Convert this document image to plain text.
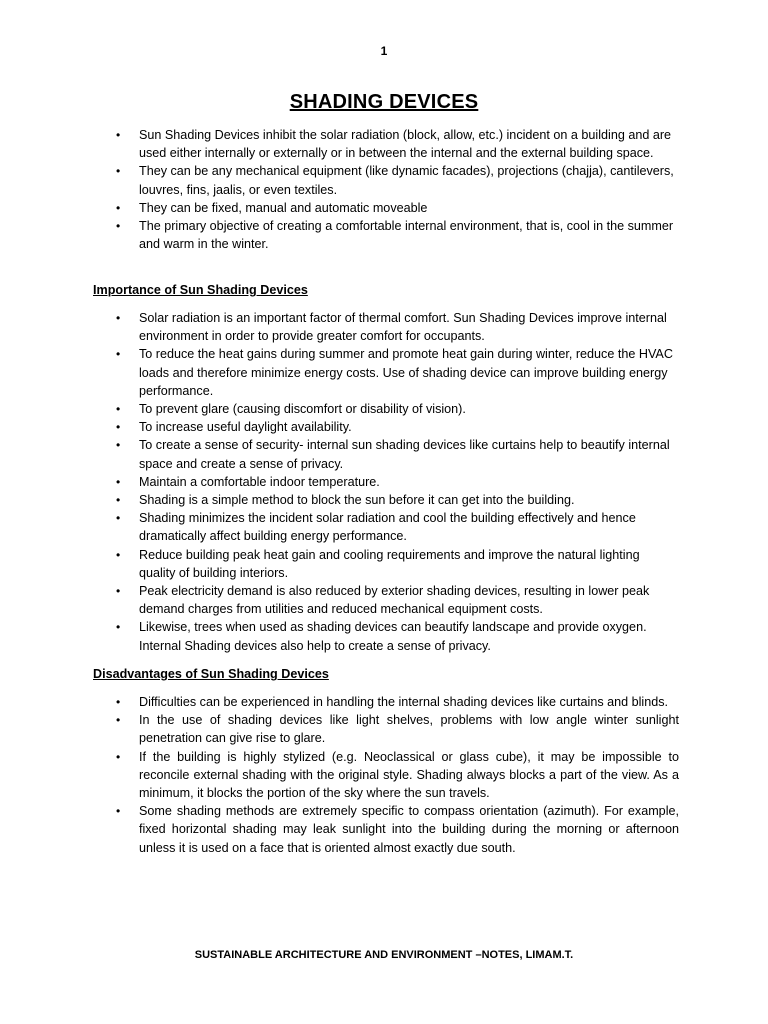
1
SHADING DEVICES
• Sun Shading Devices inhibit the solar radiation (block, allow, etc.) incident on a building and are used either internally or externally or in between the internal and the external building space.
• They can be any mechanical equipment (like dynamic facades), projections (chajja), cantilevers, louvres, fins, jaalis, or even textiles.
• They can be fixed, manual and automatic moveable
• The primary objective of creating a comfortable internal environment, that is, cool in the summer and warm in the winter.
Importance of Sun Shading Devices
• Solar radiation is an important factor of thermal comfort. Sun Shading Devices improve internal environment in order to provide greater comfort for occupants.
• To reduce the heat gains during summer and promote heat gain during winter, reduce the HVAC loads and therefore minimize energy costs. Use of shading device can improve building energy performance.
• To prevent glare (causing discomfort or disability of vision).
• To increase useful daylight availability.
• To create a sense of security- internal sun shading devices like curtains help to beautify internal space and create a sense of privacy.
• Maintain a comfortable indoor temperature.
• Shading is a simple method to block the sun before it can get into the building.
• Shading minimizes the incident solar radiation and cool the building effectively and hence dramatically affect building energy performance.
• Reduce building peak heat gain and cooling requirements and improve the natural lighting quality of building interiors.
• Peak electricity demand is also reduced by exterior shading devices, resulting in lower peak demand charges from utilities and reduced mechanical equipment costs.
• Likewise, trees when used as shading devices can beautify landscape and provide oxygen. Internal Shading devices also help to create a sense of privacy.
Disadvantages of Sun Shading Devices
• Difficulties can be experienced in handling the internal shading devices like curtains and blinds.
• In the use of shading devices like light shelves, problems with low angle winter sunlight penetration can give rise to glare.
• If the building is highly stylized (e.g. Neoclassical or glass cube), it may be impossible to reconcile external shading with the original style. Shading always blocks a part of the view. As a minimum, it blocks the portion of the sky where the sun travels.
• Some shading methods are extremely specific to compass orientation (azimuth). For example, fixed horizontal shading may leak sunlight into the building during the morning or afternoon unless it is used on a face that is oriented almost exactly due south.
SUSTAINABLE ARCHITECTURE AND ENVIRONMENT –NOTES, LIMAM.T.
